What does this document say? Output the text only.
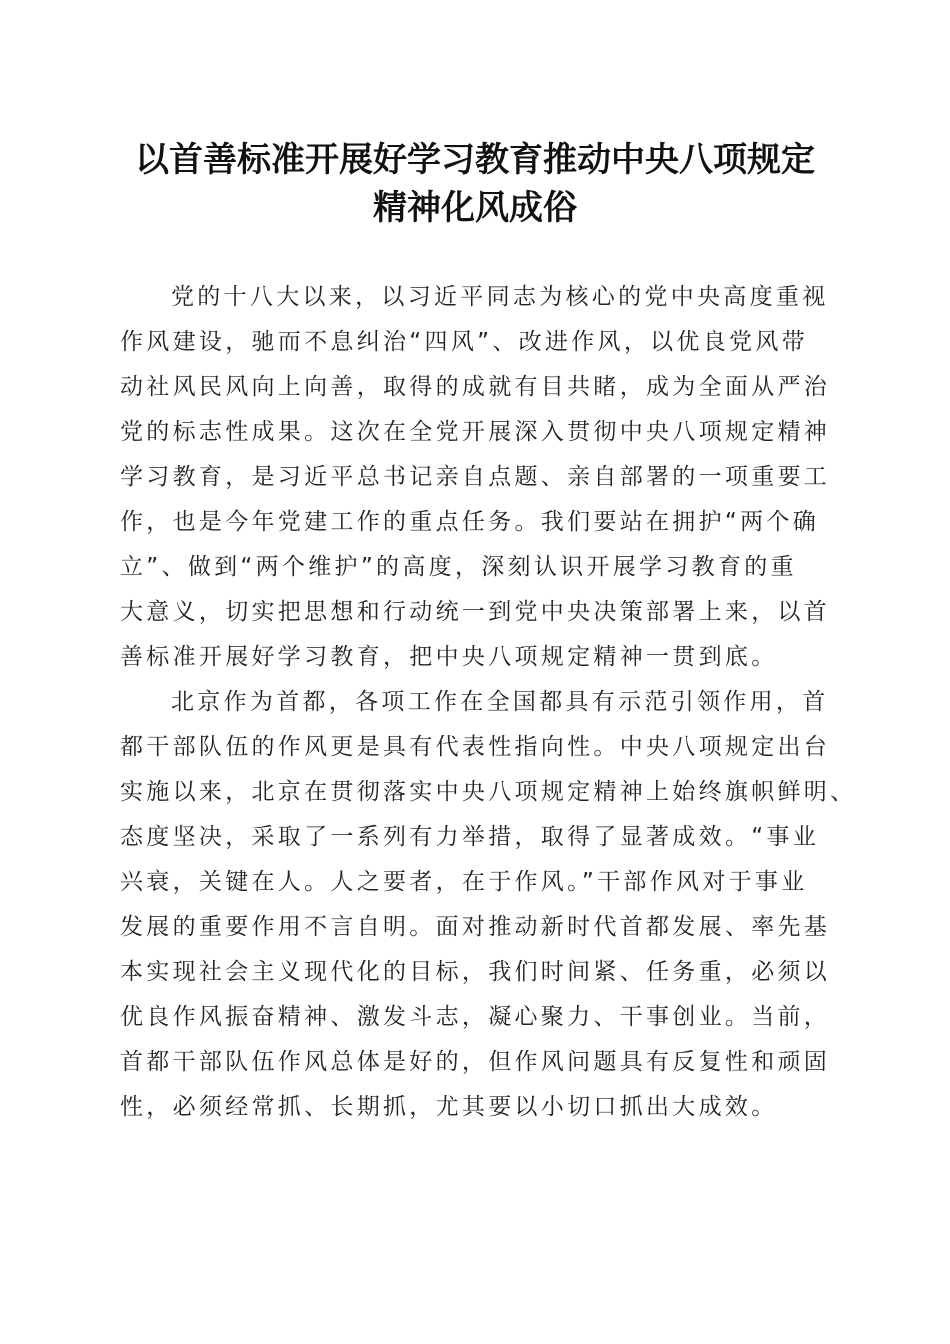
以首善标准开展好学习教育推动中央八项规定
精神化风成俗
党的十八大以来，以习近平同志为核心的党中央高度重视
作风建设，驰而不息纠治“四风”、改进作风，以优良党风带
动社风民风向上向善，取得的成就有目共睹，成为全面从严治
党的标志性成果。这次在全党开展深入贯彻中央八项规定精神
学习教育，是习近平总书记亲自点题、亲自部署的一项重要工
作，也是今年党建工作的重点任务。我们要站在拥护“两个确
立”、做到“两个维护”的高度，深刻认识开展学习教育的重
大意义，切实把思想和行动统一到党中央决策部署上来，以首
善标准开展好学习教育，把中央八项规定精神一贯到底。
北京作为首都，各项工作在全国都具有示范引领作用，首
都干部队伍的作风更是具有代表性指向性。中央八项规定出台
实施以来，北京在贯彻落实中央八项规定精神上始终旗帜鲜明、
态度坚决，采取了一系列有力举措，取得了显著成效。“事业
兴衰，关键在人。人之要者，在于作风。”干部作风对于事业
发展的重要作用不言自明。面对推动新时代首都发展、率先基
本实现社会主义现代化的目标，我们时间紧、任务重，必须以
优良作风振奋精神、激发斗志，凝心聚力、干事创业。当前，
首都干部队伍作风总体是好的，但作风问题具有反复性和顽固
性，必须经常抓、长期抓，尤其要以小切口抓出大成效。
